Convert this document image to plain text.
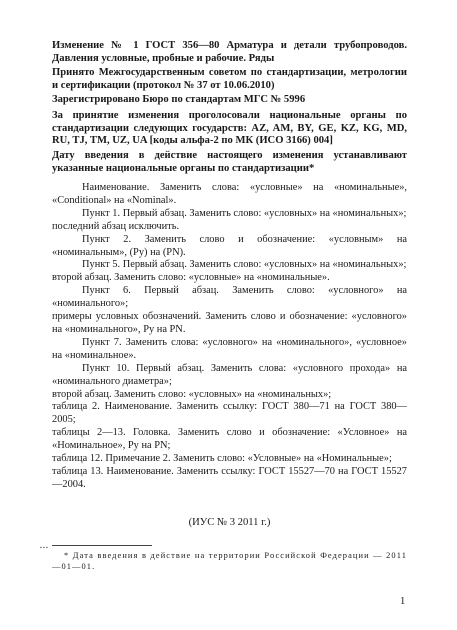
Изменение № 1 ГОСТ 356—80 Арматура и детали трубопроводов. Давления условные, пробные и рабочие. Ряды
Принято Межгосударственным советом по стандартизации, метрологии и сертификации (протокол № 37 от 10.06.2010)
Зарегистрировано Бюро по стандартам МГС № 5996
За принятие изменения проголосовали национальные органы по стандартизации следующих государств: AZ, AM, BY, GE, KZ, KG, MD, RU, TJ, TM, UZ, UA [коды альфа-2 по МК (ИСО 3166) 004]
Дату введения в действие настоящего изменения устанавливают указанные национальные органы по стандартизации*

Наименование. Заменить слова: «условные» на «номинальные», «Conditional» на «Nominal».

Пункт 1. Первый абзац. Заменить слово: «условных» на «номинальных»;

последний абзац исключить.

Пункт 2. Заменить слово и обозначение: «условным» на «номинальным», (Pу) на (PN).

Пункт 5. Первый абзац. Заменить слово: «условных» на «номинальных»;

второй абзац. Заменить слово: «условные» на «номинальные».

Пункт 6. Первый абзац. Заменить слово: «условного» на «номинального»;

примеры условных обозначений. Заменить слово и обозначение: «условного» на «номинального», Pу на PN.

Пункт 7. Заменить слова: «условного» на «номинального», «условное» на «номинальное».

Пункт 10. Первый абзац. Заменить слова: «условного прохода» на «номинального диаметра»;

второй абзац. Заменить слово: «условных» на «номинальных»;

таблица 2. Наименование. Заменить ссылку: ГОСТ 380—71 на ГОСТ 380—2005;

таблицы 2—13. Головка. Заменить слово и обозначение: «Условное» на «Номинальное», Pу на PN;

таблица 12. Примечание 2. Заменить слово: «Условные» на «Номинальные»;

таблица 13. Наименование. Заменить ссылку: ГОСТ 15527—70 на ГОСТ 15527—2004.

(ИУС № 3 2011 г.)
▪ ▪ ▪

* Дата введения в действие на территории Российской Федерации — 2011—01—01.

1
